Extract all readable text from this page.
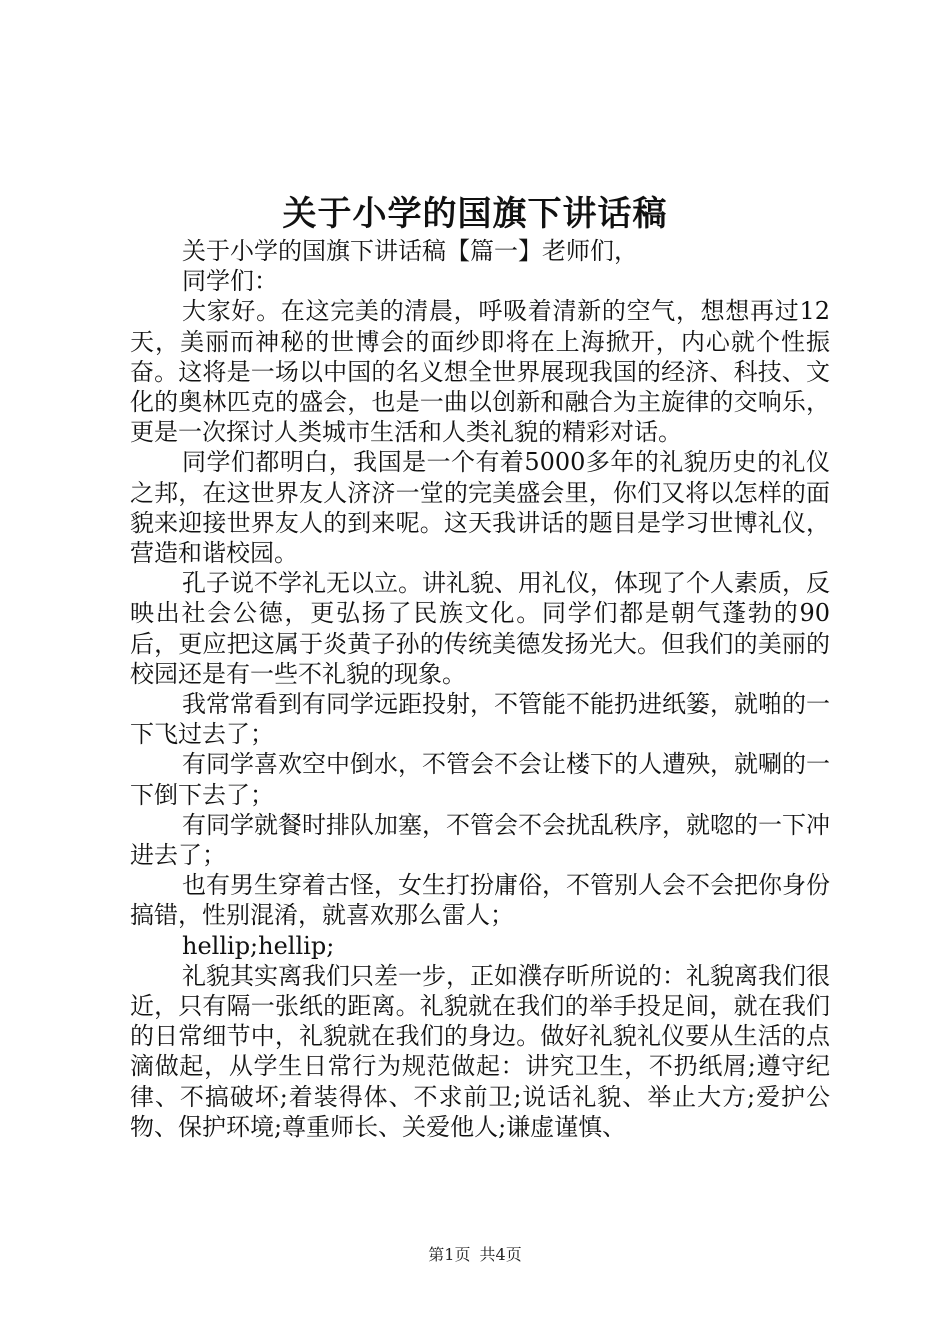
关于小学的国旗下讲话稿

关于小学的国旗下讲话稿【篇一】老师们，

同学们：

大家好。在这完美的清晨，呼吸着清新的空气，想想再过12天，美丽而神秘的世博会的面纱即将在上海掀开，内心就个性振奋。这将是一场以中国的名义想全世界展现我国的经济、科技、文化的奥林匹克的盛会，也是一曲以创新和融合为主旋律的交响乐，更是一次探讨人类城市生活和人类礼貌的精彩对话。

同学们都明白，我国是一个有着5000多年的礼貌历史的礼仪之邦，在这世界友人济济一堂的完美盛会里，你们又将以怎样的面貌来迎接世界友人的到来呢。这天我讲话的题目是学习世博礼仪，营造和谐校园。

孔子说不学礼无以立。讲礼貌、用礼仪，体现了个人素质，反映出社会公德，更弘扬了民族文化。同学们都是朝气蓬勃的90后，更应把这属于炎黄子孙的传统美德发扬光大。但我们的美丽的校园还是有一些不礼貌的现象。

我常常看到有同学远距投射，不管能不能扔进纸篓，就啪的一下飞过去了；

有同学喜欢空中倒水，不管会不会让楼下的人遭殃，就唰的一下倒下去了；

有同学就餐时排队加塞，不管会不会扰乱秩序，就唿的一下冲进去了；

也有男生穿着古怪，女生打扮庸俗，不管别人会不会把你身份搞错，性别混淆，就喜欢那么雷人；

hellip;hellip;

礼貌其实离我们只差一步，正如濮存昕所说的：礼貌离我们很近，只有隔一张纸的距离。礼貌就在我们的举手投足间，就在我们的日常细节中，礼貌就在我们的身边。做好礼貌礼仪要从生活的点滴做起，从学生日常行为规范做起：讲究卫生，不扔纸屑;遵守纪律、不搞破坏;着装得体、不求前卫;说话礼貌、举止大方;爱护公物、保护环境;尊重师长、关爱他人;谦虚谨慎、

第1页 共4页
